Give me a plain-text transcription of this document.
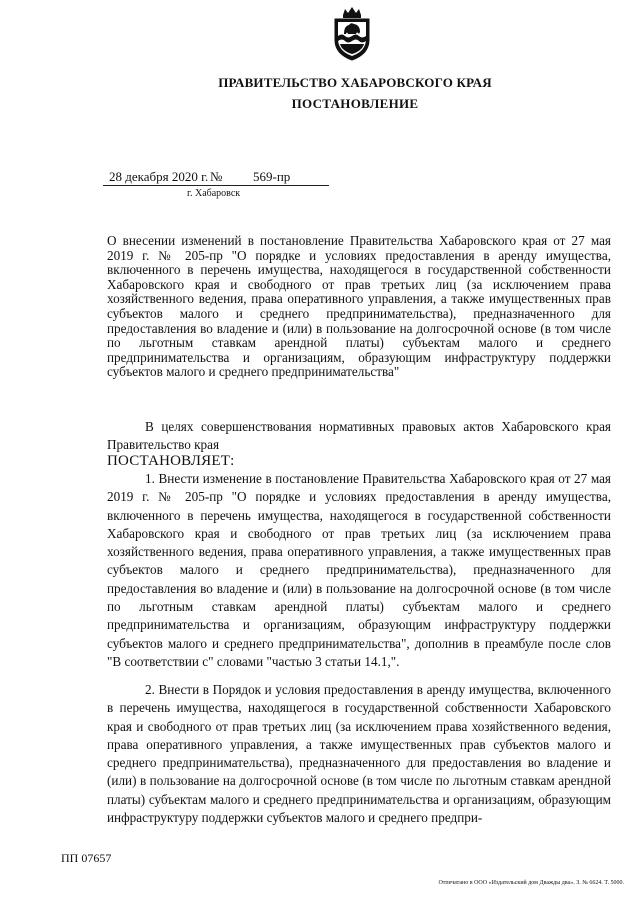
ПРАВИТЕЛЬСТВО ХАБАРОВСКОГО КРАЯ
ПОСТАНОВЛЕНИЕ
28 декабря 2020 г. № 569-пр
г. Хабаровск
О внесении изменений в постановление Правительства Хабаровского края от 27 мая 2019 г. № 205-пр "О порядке и условиях предоставления в аренду имущества, включенного в перечень имущества, находящегося в государственной собственности Хабаровского края и свободного от прав третьих лиц (за исключением права хозяйственного ведения, права оперативного управления, а также имущественных прав субъектов малого и среднего предпринимательства), предназначенного для предоставления во владение и (или) в пользование на долгосрочной основе (в том числе по льготным ставкам арендной платы) субъектам малого и среднего предпринимательства и организациям, образующим инфраструктуру поддержки субъектов малого и среднего предпринимательства"
В целях совершенствования нормативных правовых актов Хабаровского края Правительство края
ПОСТАНОВЛЯЕТ:
1. Внести изменение в постановление Правительства Хабаровского края от 27 мая 2019 г. № 205-пр "О порядке и условиях предоставления в аренду имущества, включенного в перечень имущества, находящегося в государственной собственности Хабаровского края и свободного от прав третьих лиц (за исключением права хозяйственного ведения, права оперативного управления, а также имущественных прав субъектов малого и среднего предпринимательства), предназначенного для предоставления во владение и (или) в пользование на долгосрочной основе (в том числе по льготным ставкам арендной платы) субъектам малого и среднего предпринимательства и организациям, образующим инфраструктуру поддержки субъектов малого и среднего предпринимательства", дополнив в преамбуле после слов "В соответствии с" словами "частью 3 статьи 14.1,".
2. Внести в Порядок и условия предоставления в аренду имущества, включенного в перечень имущества, находящегося в государственной собственности Хабаровского края и свободного от прав третьих лиц (за исключением права хозяйственного ведения, права оперативного управления, а также имущественных прав субъектов малого и среднего предпринимательства), предназначенного для предоставления во владение и (или) в пользование на долгосрочной основе (в том числе по льготным ставкам арендной платы) субъектам малого и среднего предпринимательства и организациям, образующим инфраструктуру поддержки субъектов малого и среднего предпри-
ПП 07657
Отпечатано в ООО «Издательский дом Дважды два». З. № 6624. Т. 5000.
